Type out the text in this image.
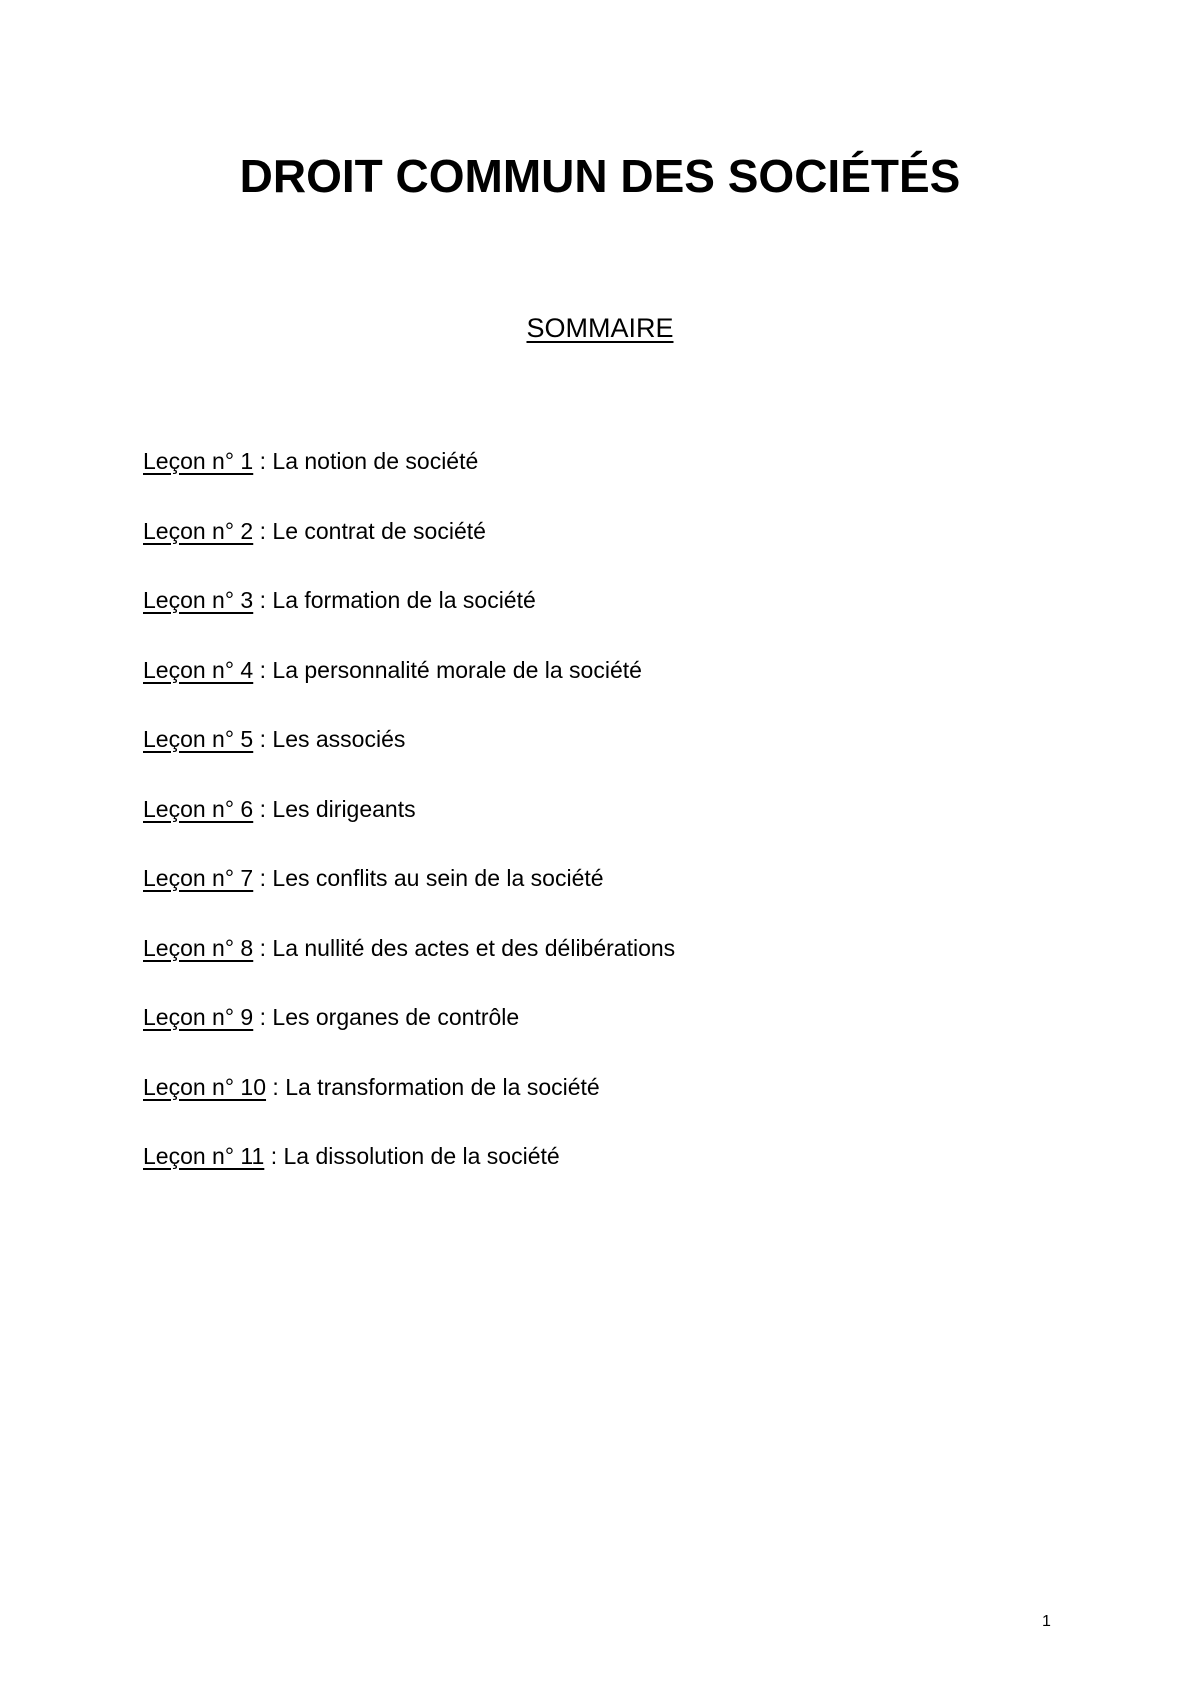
DROIT COMMUN DES SOCIÉTÉS
SOMMAIRE
Leçon n° 1 : La notion de société
Leçon n° 2 : Le contrat de société
Leçon n° 3 : La formation de la société
Leçon n° 4 : La personnalité morale de la société
Leçon n° 5 : Les associés
Leçon n° 6 : Les dirigeants
Leçon n° 7 : Les conflits au sein de la société
Leçon n° 8 : La nullité des actes et des délibérations
Leçon n° 9 : Les organes de contrôle
Leçon n° 10 : La transformation de la société
Leçon n° 11 : La dissolution de la société
1
